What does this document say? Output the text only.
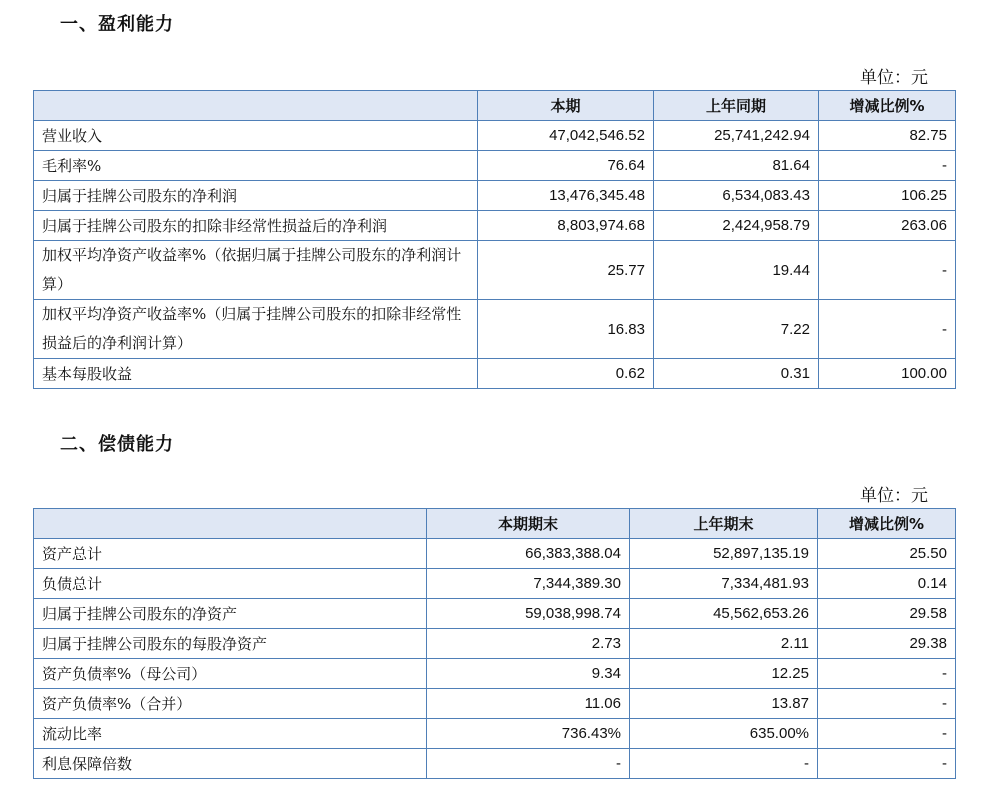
一、盈利能力
单位：元
	本期	上年同期	增减比例%
营业收入	47,042,546.52	25,741,242.94	82.75
毛利率%	76.64	81.64	-
归属于挂牌公司股东的净利润	13,476,345.48	6,534,083.43	106.25
归属于挂牌公司股东的扣除非经常性损益后的净利润	8,803,974.68	2,424,958.79	263.06
加权平均净资产收益率%（依据归属于挂牌公司股东的净利润计算）	25.77	19.44	-
加权平均净资产收益率%（归属于挂牌公司股东的扣除非经常性损益后的净利润计算）	16.83	7.22	-
基本每股收益	0.62	0.31	100.00
二、偿债能力
单位：元
	本期期末	上年期末	增减比例%
资产总计	66,383,388.04	52,897,135.19	25.50
负债总计	7,344,389.30	7,334,481.93	0.14
归属于挂牌公司股东的净资产	59,038,998.74	45,562,653.26	29.58
归属于挂牌公司股东的每股净资产	2.73	2.11	29.38
资产负债率%（母公司）	9.34	12.25	-
资产负债率%（合并）	11.06	13.87	-
流动比率	736.43%	635.00%	-
利息保障倍数	-	-	-
